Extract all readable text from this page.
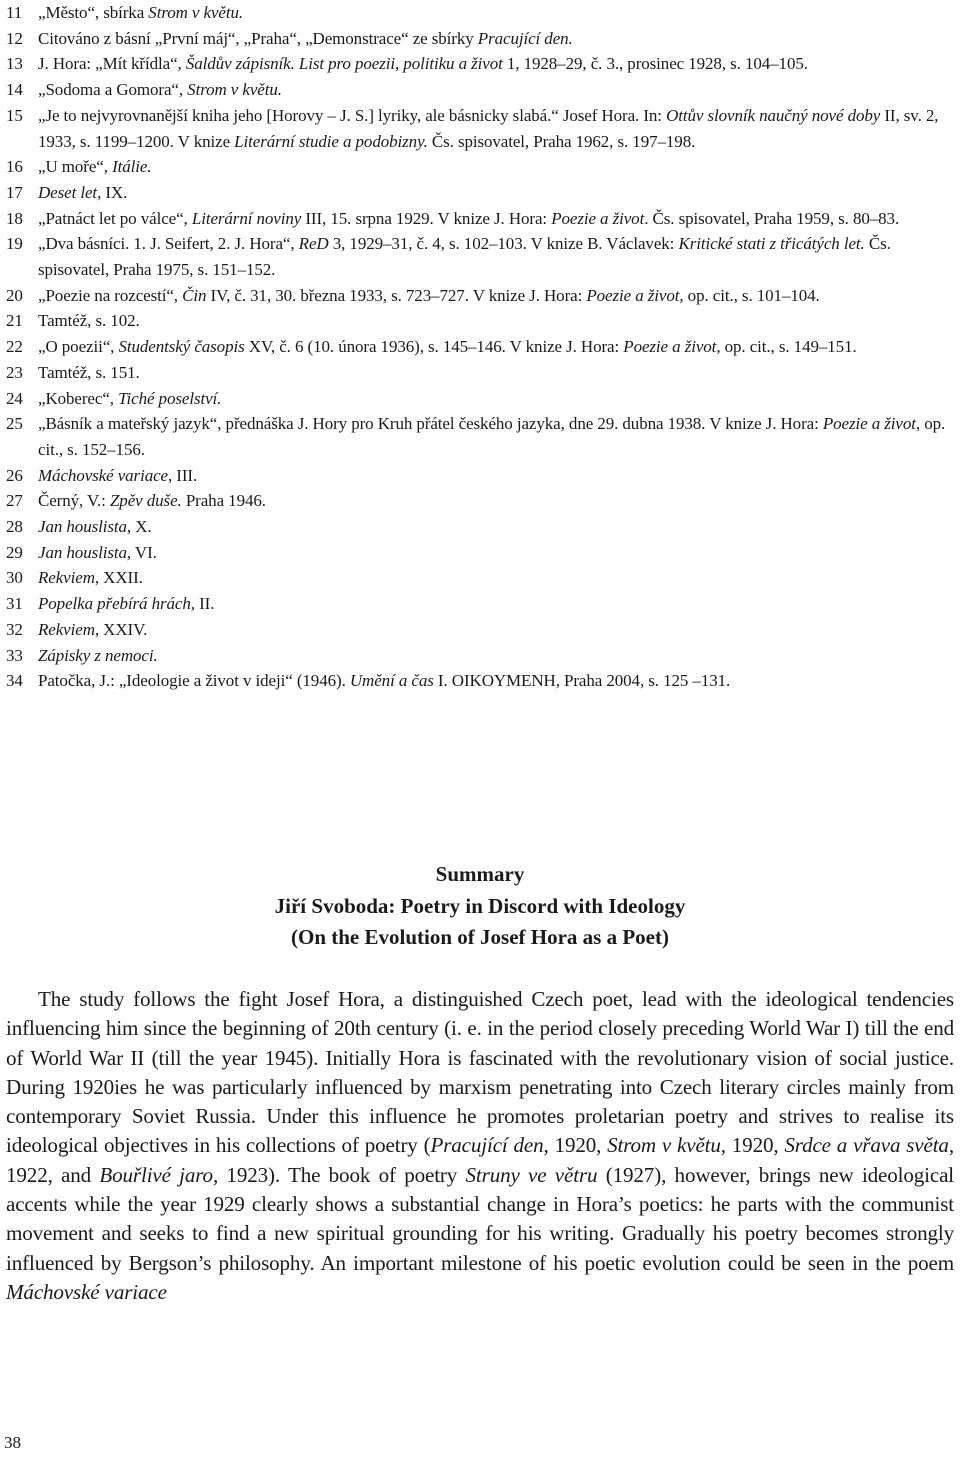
11 „Město“, sbírka Strom v květu.
12 Citováno z básní „První máj“, „Praha“, „Demonstrace“ ze sbírky Pracující den.
13 J. Hora: „Mít křídla“, Šaldův zápisník. List pro poezii, politiku a život 1, 1928–29, č. 3., prosinec 1928, s. 104–105.
14 „Sodoma a Gomora“, Strom v květu.
15 „Je to nejvyrovnanější kniha jeho [Horovy – J. S.] lyriky, ale básnicky slabá.“ Josef Hora. In: Ottův slovník naučný nové doby II, sv. 2, 1933, s. 1199–1200. V knize Literární studie a podobizny. Čs. spisovatel, Praha 1962, s. 197–198.
16 „U moře“, Itálie.
17 Deset let, IX.
18 „Patnáct let po válce“, Literární noviny III, 15. srpna 1929. V knize J. Hora: Poezie a život. Čs. spisovatel, Praha 1959, s. 80–83.
19 „Dva básníci. 1. J. Seifert, 2. J. Hora“, ReD 3, 1929–31, č. 4, s. 102–103. V knize B. Václavek: Kritické stati z třicátých let. Čs. spisovatel, Praha 1975, s. 151–152.
20 „Poezie na rozcestí“, Čin IV, č. 31, 30. března 1933, s. 723–727. V knize J. Hora: Poezie a život, op. cit., s. 101–104.
21 Tamtéž, s. 102.
22 „O poezii“, Studentský časopis XV, č. 6 (10. února 1936), s. 145–146. V knize J. Hora: Poezie a život, op. cit., s. 149–151.
23 Tamtéž, s. 151.
24 „Koberec“, Tiché poselství.
25 „Básník a mateřský jazyk“, přednáška J. Hory pro Kruh přátel českého jazyka, dne 29. dubna 1938. V knize J. Hora: Poezie a život, op. cit., s. 152–156.
26 Máchovské variace, III.
27 Černý, V.: Zpěv duše. Praha 1946.
28 Jan houslista, X.
29 Jan houslista, VI.
30 Rekviem, XXII.
31 Popelka přebírá hrách, II.
32 Rekviem, XXIV.
33 Zápisky z nemoci.
34 Patočka, J.: „Ideologie a život v ideji“ (1946). Umění a čas I. OIKOYMENH, Praha 2004, s. 125 –131.
Summary
Jiří Svoboda: Poetry in Discord with Ideology
(On the Evolution of Josef Hora as a Poet)
The study follows the fight Josef Hora, a distinguished Czech poet, lead with the ideological tendencies influencing him since the beginning of 20th century (i. e. in the period closely preceding World War I) till the end of World War II (till the year 1945). Initially Hora is fascinated with the revolutionary vision of social justice. During 1920ies he was particularly influenced by marxism penetrating into Czech literary circles mainly from contemporary Soviet Russia. Under this influence he promotes proletarian poetry and strives to realise its ideological objectives in his collections of poetry (Pracující den, 1920, Strom v květu, 1920, Srdce a vřava světa, 1922, and Bouřlivé jaro, 1923). The book of poetry Struny ve větru (1927), however, brings new ideological accents while the year 1929 clearly shows a substantial change in Hora’s poetics: he parts with the communist movement and seeks to find a new spiritual grounding for his writing. Gradually his poetry becomes strongly influenced by Bergson’s philosophy. An important milestone of his poetic evolution could be seen in the poem Máchovské variace
38
